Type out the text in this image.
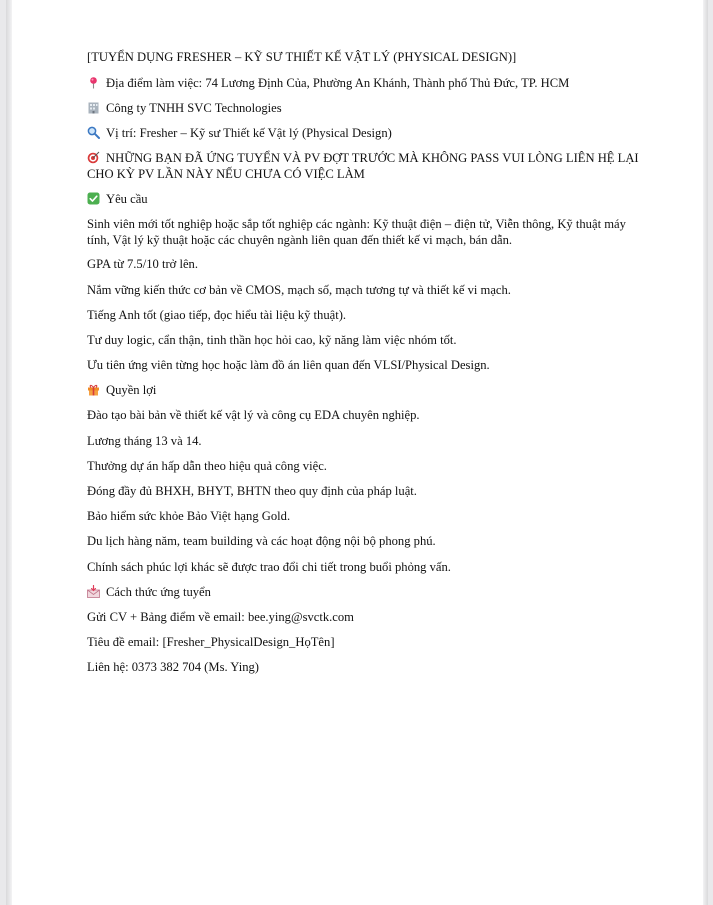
[TUYỂN DỤNG FRESHER – KỸ SƯ THIẾT KẾ VẬT LÝ (PHYSICAL DESIGN)]
Địa điểm làm việc: 74 Lương Định Của, Phường An Khánh, Thành phố Thủ Đức, TP. HCM
Công ty TNHH SVC Technologies
Vị trí: Fresher – Kỹ sư Thiết kế Vật lý (Physical Design)
NHỮNG BẠN ĐÃ ỨNG TUYỂN VÀ PV ĐỢT TRƯỚC MÀ KHÔNG PASS VUI LÒNG LIÊN HỆ LẠI CHO KỲ PV LẦN NÀY NẾU CHƯA CÓ VIỆC LÀM
Yêu cầu
Sinh viên mới tốt nghiệp hoặc sắp tốt nghiệp các ngành: Kỹ thuật điện – điện tử, Viễn thông, Kỹ thuật máy tính, Vật lý kỹ thuật hoặc các chuyên ngành liên quan đến thiết kế vi mạch, bán dẫn.
GPA từ 7.5/10 trở lên.
Nắm vững kiến thức cơ bản về CMOS, mạch số, mạch tương tự và thiết kế vi mạch.
Tiếng Anh tốt (giao tiếp, đọc hiểu tài liệu kỹ thuật).
Tư duy logic, cẩn thận, tinh thần học hỏi cao, kỹ năng làm việc nhóm tốt.
Ưu tiên ứng viên từng học hoặc làm đồ án liên quan đến VLSI/Physical Design.
Quyền lợi
Đào tạo bài bản về thiết kế vật lý và công cụ EDA chuyên nghiệp.
Lương tháng 13 và 14.
Thưởng dự án hấp dẫn theo hiệu quả công việc.
Đóng đầy đủ BHXH, BHYT, BHTN theo quy định của pháp luật.
Bảo hiểm sức khỏe Bảo Việt hạng Gold.
Du lịch hàng năm, team building và các hoạt động nội bộ phong phú.
Chính sách phúc lợi khác sẽ được trao đổi chi tiết trong buổi phỏng vấn.
Cách thức ứng tuyển
Gửi CV + Bảng điểm về email: bee.ying@svctk.com
Tiêu đề email: [Fresher_PhysicalDesign_HọTên]
Liên hệ: 0373 382 704 (Ms. Ying)
